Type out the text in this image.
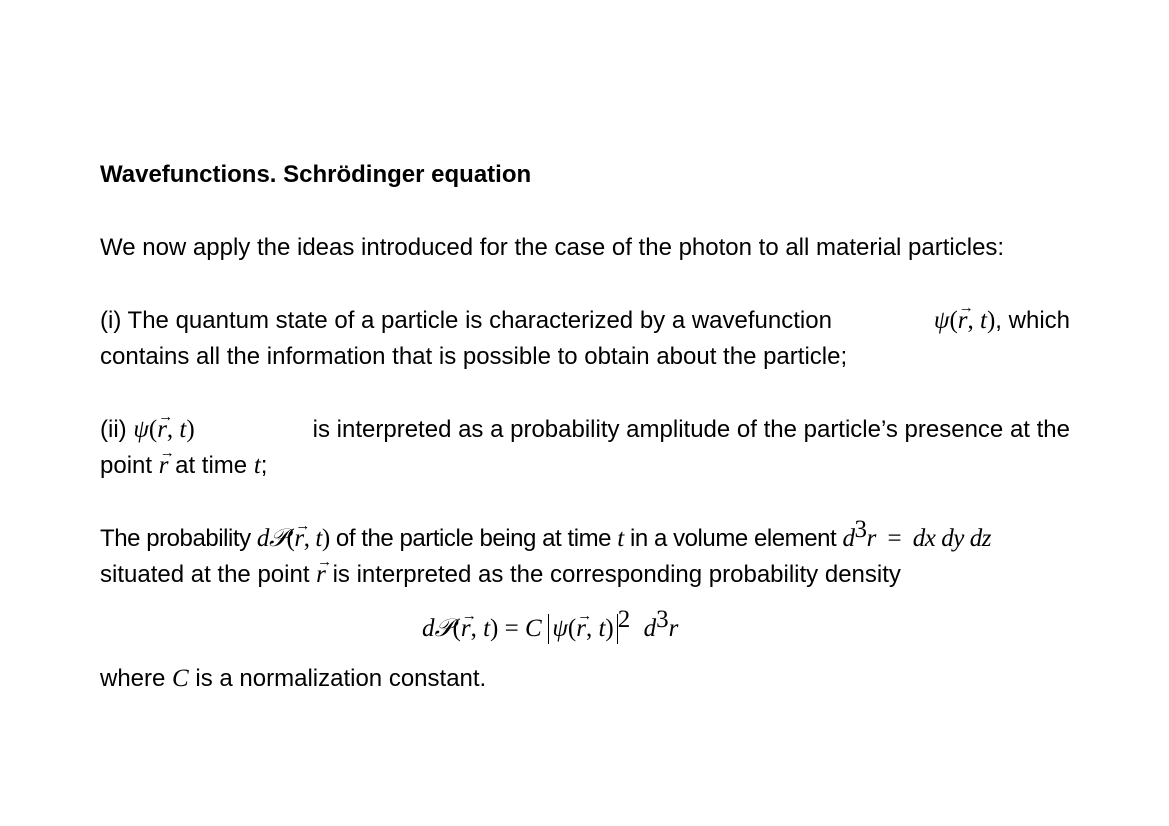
Wavefunctions. Schrödinger equation
We now apply the ideas introduced for the case of the photon to all material particles:
(i) The quantum state of a particle is characterized by a wavefunction	ψ(r →, t), which
contains all the information that is possible to obtain about the particle;
(ii) ψ(r →, t)	is interpreted as a probability amplitude of the particle’s presence at the
point r → at time t;
The probability d𝒫(r →, t) of the particle being at time t in a volume element $d^3r$  =  dx dy dz
situated at the point r → is interpreted as the corresponding probability density
d𝒫(r →, t) = C ψ(r →, t) $^2$ $d^3r$
where C is a normalization constant.
